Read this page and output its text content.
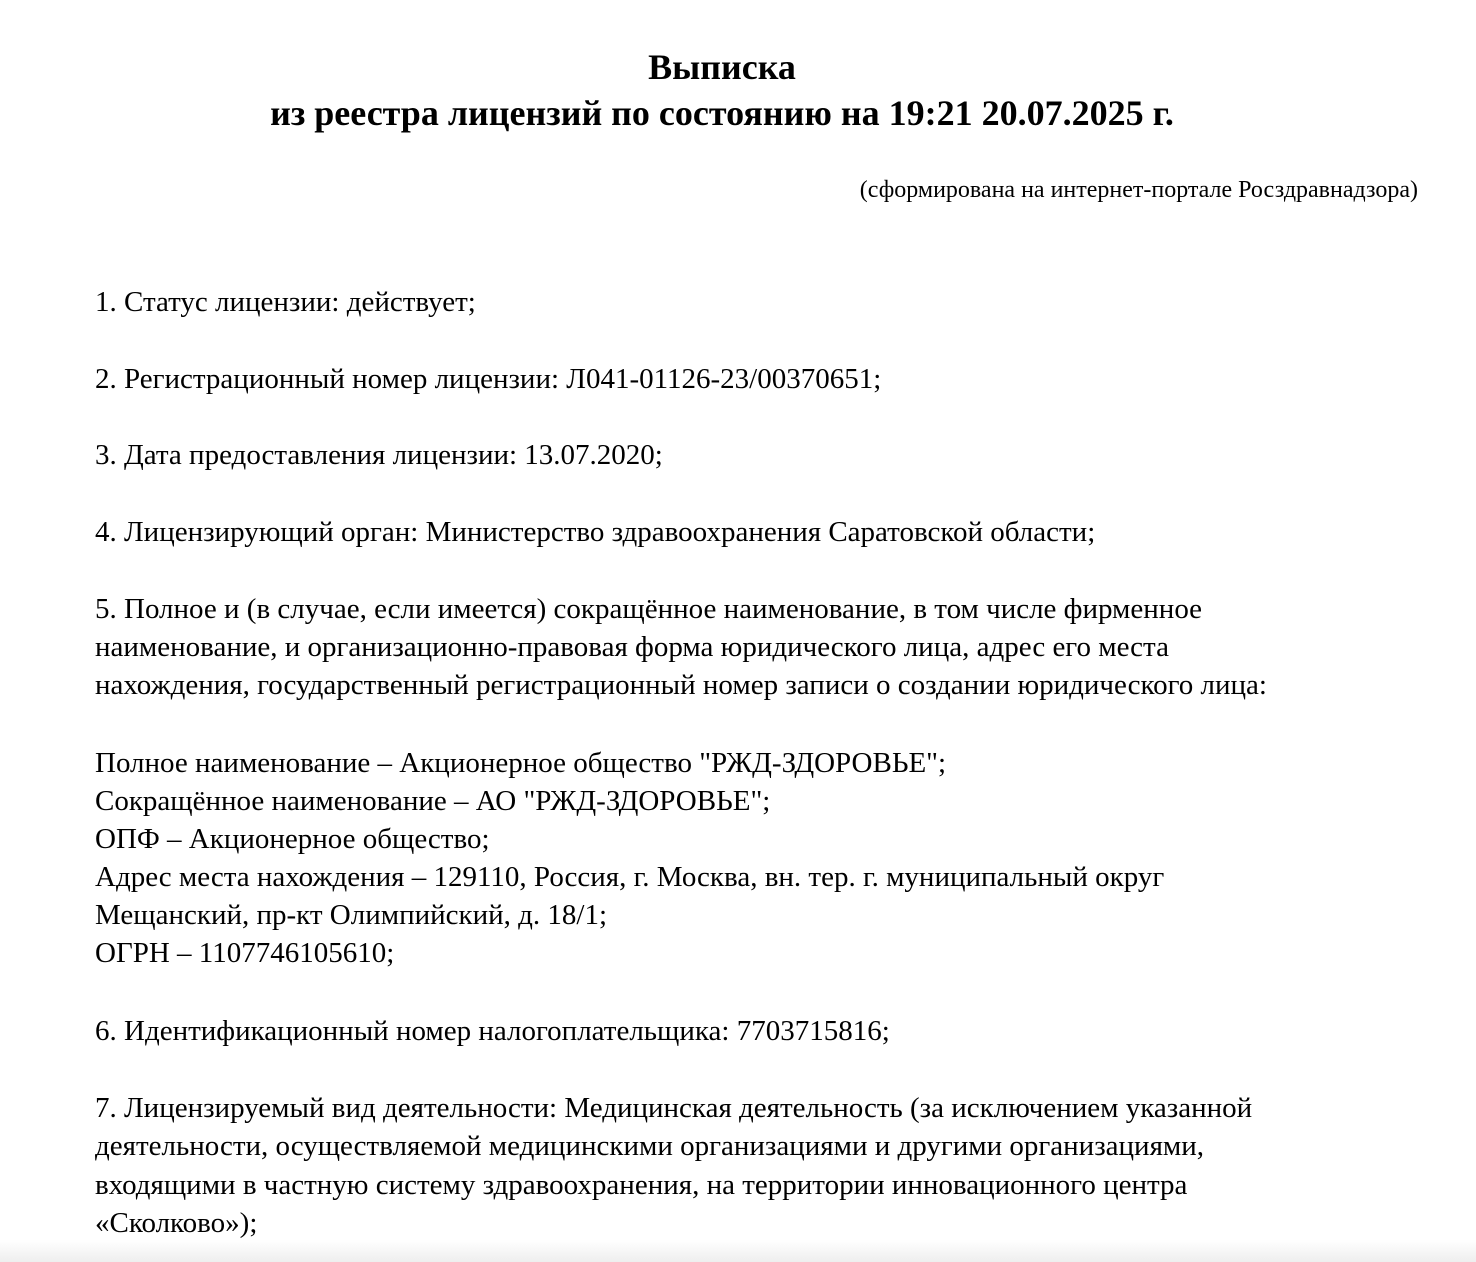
Выписка
из реестра лицензий по состоянию на 19:21 20.07.2025 г.
(сформирована на интернет-портале Росздравнадзора)
1. Статус лицензии: действует;
2. Регистрационный номер лицензии: Л041-01126-23/00370651;
3. Дата предоставления лицензии: 13.07.2020;
4. Лицензирующий орган: Министерство здравоохранения Саратовской области;
5. Полное и (в случае, если имеется) сокращённое наименование, в том числе фирменное
наименование, и организационно-правовая форма юридического лица, адрес его места
нахождения, государственный регистрационный номер записи о создании юридического лица:
Полное наименование – Акционерное общество "РЖД-ЗДОРОВЬЕ";
Сокращённое наименование – АО "РЖД-ЗДОРОВЬЕ";
ОПФ – Акционерное общество;
Адрес места нахождения – 129110, Россия, г. Москва, вн. тер. г. муниципальный округ
Мещанский, пр-кт Олимпийский, д. 18/1;
ОГРН – 1107746105610;
6. Идентификационный номер налогоплательщика: 7703715816;
7. Лицензируемый вид деятельности: Медицинская деятельность (за исключением указанной
деятельности, осуществляемой медицинскими организациями и другими организациями,
входящими в частную систему здравоохранения, на территории инновационного центра
«Сколково»);
